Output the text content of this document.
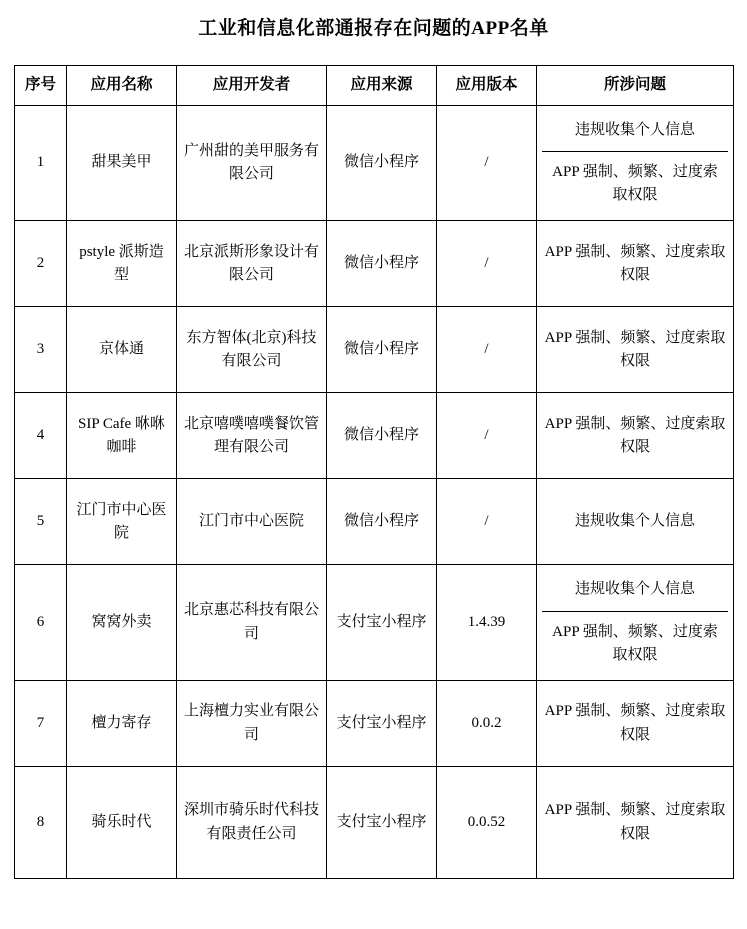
工业和信息化部通报存在问题的APP名单
序号	应用名称	应用开发者	应用来源	应用版本	所涉问题
1	甜果美甲	广州甜的美甲服务有限公司	微信小程序	/	违规收集个人信息
APP 强制、频繁、过度索取权限

2	pstyle 派斯造型	北京派斯形象设计有限公司	微信小程序	/	APP 强制、频繁、过度索取权限
3	京体通	东方智体(北京)科技有限公司	微信小程序	/	APP 强制、频繁、过度索取权限
4	SIP Cafe 咻咻咖啡	北京嘻噗嘻噗餐饮管理有限公司	微信小程序	/	APP 强制、频繁、过度索取权限
5	江门市中心医院	江门市中心医院	微信小程序	/	违规收集个人信息
6	窝窝外卖	北京惠芯科技有限公司	支付宝小程序	1.4.39	违规收集个人信息
APP 强制、频繁、过度索取权限

7	檀力寄存	上海檀力实业有限公司	支付宝小程序	0.0.2	APP 强制、频繁、过度索取权限
8	骑乐时代	深圳市骑乐时代科技有限责任公司	支付宝小程序	0.0.52	APP 强制、频繁、过度索取权限
